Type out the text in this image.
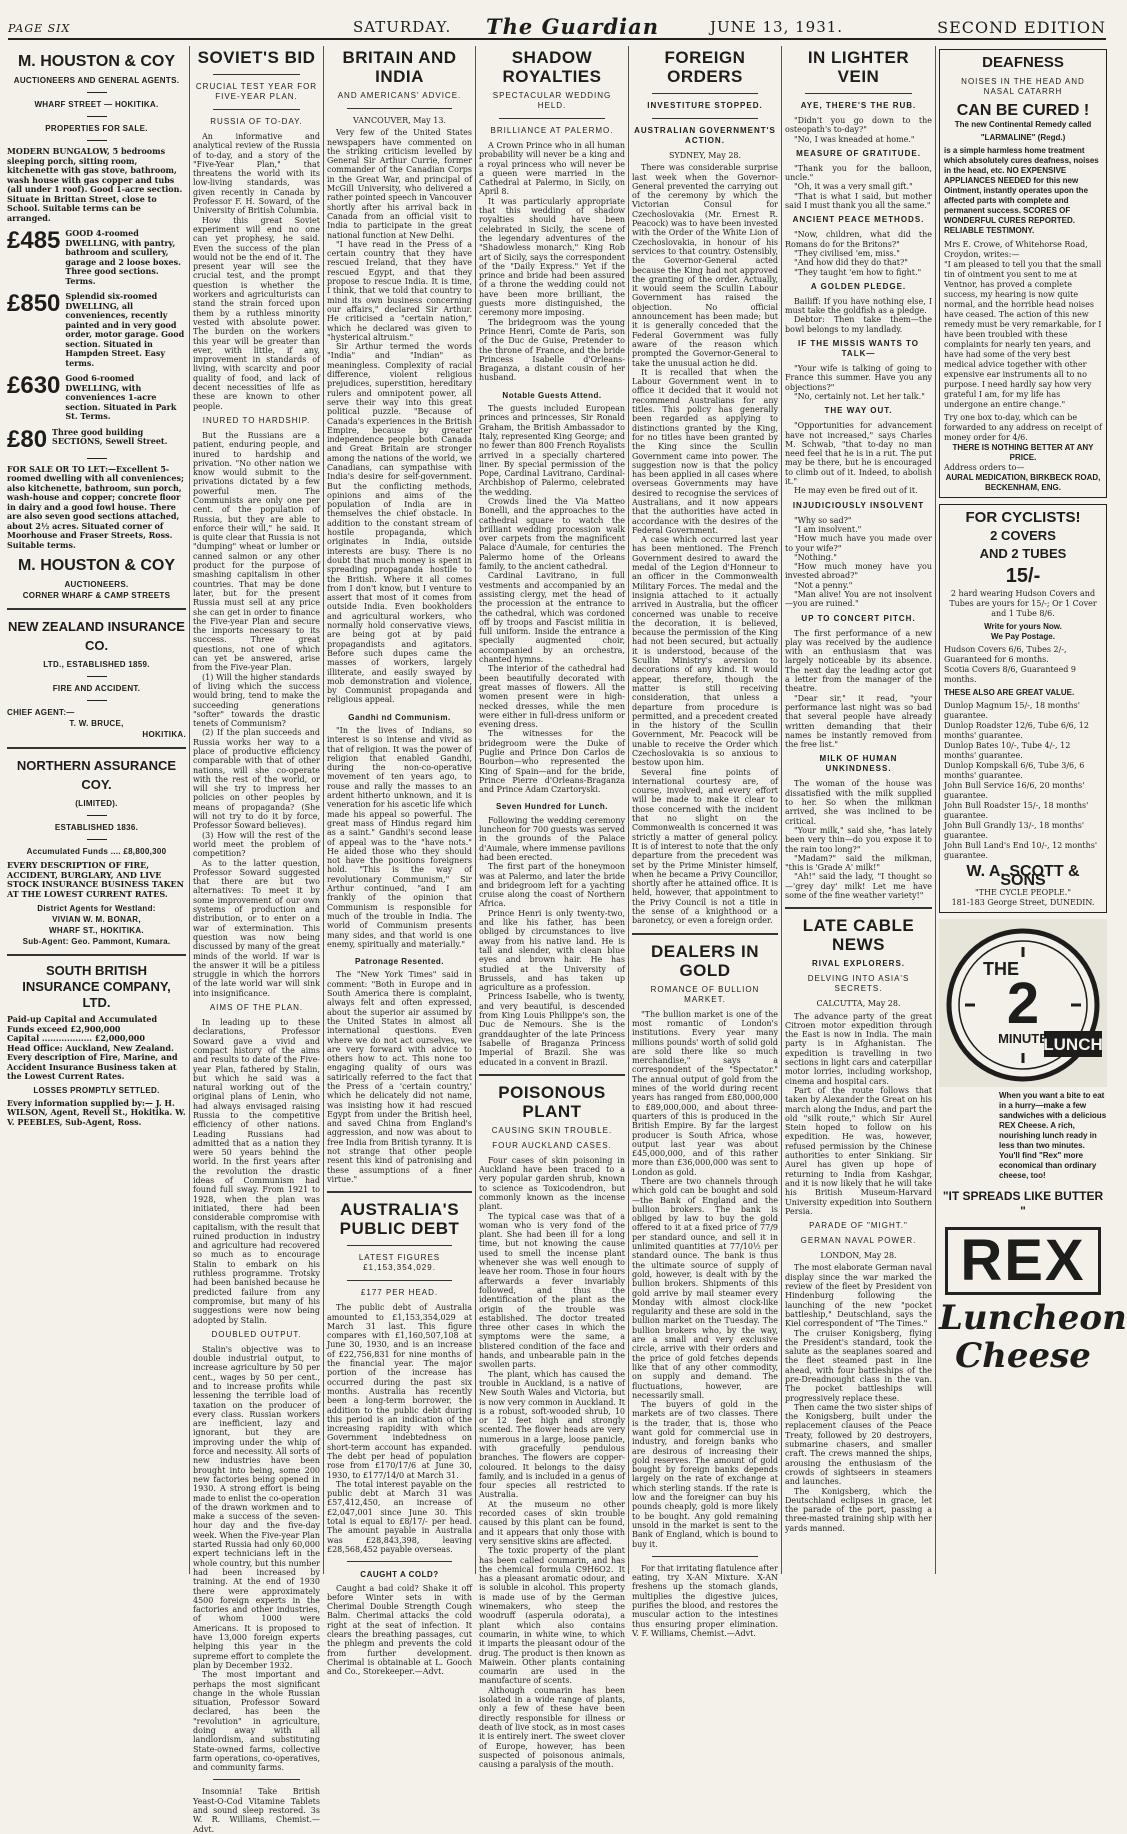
PAGE SIX	SATURDAY. The Guardian	JUNE 13, 1931.	SECOND EDITION
M. HOUSTON & COY
AUCTIONEERS AND GENERAL AGENTS.
WHARF STREET — HOKITIKA.
PROPERTIES FOR SALE.
MODERN BUNGALOW, 5 bedrooms sleeping porch, sitting room, kitchenette with gas stove, bathroom, wash house with gas copper and tubs (all under 1 roof). Good 1-acre section. Situate in Brittan Street, close to School. Suitable terms can be arranged.
£485 GOOD 4-roomed DWELLING, with pantry, bathroom and scullery, garage and 2 loose boxes. Three good sections. Terms.
£850 Splendid six-roomed DWELLING, all conveniences, recently painted and in very good order, motor garage. Good section. Situated in Hampden Street. Easy terms.
£630 Good 6-roomed DWELLING, with conveniences 1-acre section. Situated in Park St. Terms.
£80 Three good building SECTIONS, Sewell Street.
FOR SALE OR TO LET:—Excellent 5-roomed dwelling with all conveniences; also kitchenette, bathroom, sun porch, wash-house and copper; concrete floor in dairy and a good fowl house. There are also seven good sections attached, about 2½ acres. Situated corner of Moorhouse and Fraser Streets, Ross. Suitable terms.
M. HOUSTON & COY
AUCTIONEERS.
CORNER WHARF & CAMP STREETS
NEW ZEALAND INSURANCE CO.
LTD., ESTABLISHED 1859.
FIRE AND ACCIDENT.
CHIEF AGENT:—
T. W. BRUCE,
HOKITIKA.
NORTHERN ASSURANCE COY.
(LIMITED).
ESTABLISHED 1836.
Accumulated Funds .... £8,800,300
EVERY DESCRIPTION OF FIRE, ACCIDENT, BURGLARY, AND LIVE STOCK INSURANCE BUSINESS TAKEN AT THE LOWEST CURRENT RATES.
District Agents for Westland:
VIVIAN W. M. BONAR,
WHARF ST., HOKITIKA.
Sub-Agent: Geo. Pammont, Kumara.
SOUTH BRITISH INSURANCE COMPANY, LTD.
Paid-up Capital and Accumulated Funds exceed £2,900,000
Capital .................. £2,000,000
Head Office: Auckland, New Zealand. Every description of Fire, Marine, and Accident Insurance Business taken at the Lowest Current Rates.
LOSSES PROMPTLY SETTLED.
Every information supplied by:— J. H. WILSON, Agent, Revell St., Hokitika. W. V. PEEBLES, Sub-Agent, Ross.
SOVIET'S BID
CRUCIAL TEST YEAR FOR FIVE-YEAR PLAN.
RUSSIA OF TO-DAY.

An informative and analytical review of the Russia of to-day, and a story of the "Five-Year Plan," that threatens the world with its low-living standards, was given recently in Canada by Professor F. H. Soward, of the University of British Columbia.

How this great Soviet experiment will end no one can yet prophesy, he said. Even the success of the plan would not be the end of it. The present year will see the crucial test, and the prompt question is whether the workers and agriculturists can stand the strain forced upon them by a ruthless minority vested with absolute power. The burden on the workers this year will be greater than ever, with little, if any, improvement in standards of living, with scarcity and poor quality of food, and lack of decent necessities of life as these are known to other people.

INURED TO HARDSHIP.

But the Russians are a patient, enduring people, and inured to hardship and privation. "No other nation we know would submit to the privations dictated by a few powerful men. The Communists are only one per cent. of the population of Russia, but they are able to enforce their will," he said. It is quite clear that Russia is not "dumping" wheat or lumber or canned salmon or any other product for the purpose of smashing capitalism in other countries. That may be done later, but for the present Russia must sell at any price she can get in order to finance the Five-year Plan and secure the imports necessary to its success. Three great questions, not one of which can yet be answered, arise from the Five-year Plan.

(1) Will the higher standards of living which the success would bring, tend to make the succeeding generations "softer" towards the drastic tenets of Communism?

(2) If the plan succeeds and Russia works her way to a place of productive efficiency comparable with that of other nations, will she co-operate with the rest of the world, or will she try to impress her policies on other peoples by means of propaganda? (She will not try to do it by force, Professor Soward believes).

(3) How will the rest of the world meet the problem of competition?

As to the latter question, Professor Soward suggested that there are but two alternatives: To meet it by some improvement of our own systems of production and distribution, or to enter on a war of extermination. This question was now being discussed by many of the great minds of the world. If war is the answer it will be a pitiless struggle in which the horrors of the late world war will sink into insignificance.

AIMS OF THE PLAN.

In leading up to these declarations, Professor Soward gave a vivid and compact history of the aims and results to date of the Five-year Plan, fathered by Stalin, but which he said was a natural working out of the original plans of Lenin, who had always envisaged raising Russia to the competitive efficiency of other nations. Leading Russians had admitted that as a nation they were 50 years behind the world. In the first years after the revolution the drastic ideas of Communism had found full sway. From 1921 to 1928, when the plan was initiated, there had been considerable compromise with capitalism, with the result that ruined production in industry and agriculture had recovered so much as to encourage Stalin to embark on his ruthless programme. Trotsky had been banished because he predicted failure from any compromise, but many of his suggestions were now being adopted by Stalin.

DOUBLED OUTPUT.

Stalin's objective was to double industrial output, to increase agriculture by 50 per cent., wages by 50 per cent., and to increase profits while lessening the terrible load of taxation on the producer of every class. Russian workers are inefficient, lazy and ignorant, but they are improving under the whip of force and necessity. All sorts of new industries have been brought into being, some 200 new factories being opened in 1930. A strong effort is being made to enlist the co-operation of the drawn workmen and to make a success of the seven-hour day and the five-day week. When the Five-year Plan started Russia had only 60,000 expert technicians left in the whole country, but this number had been increased by training. At the end of 1930 there were approximately 4500 foreign experts in the factories and other industries, of whom 1000 were Americans. It is proposed to have 13,000 foreign experts helping this year in the supreme effort to complete the plan by December 1932.

The most important and perhaps the most significant change in the whole Russian situation, Professor Soward declared, has been the "revolution" in agriculture, doing away with all landlordism, and substituting State-owned farms, collective farm operations, co-operatives, and community farms.

Insomnia! Take British Yeast-O-Cod Vitamine Tablets and sound sleep restored. 3s W. R. Williams, Chemist.—Advt.

BRITAIN AND INDIA
AND AMERICANS' ADVICE.
VANCOUVER, May 13.

Very few of the United States newspapers have commented on the striking criticism levelled by General Sir Arthur Currie, former commander of the Canadian Corps in the Great War, and principal of McGill University, who delivered a rather pointed speech in Vancouver shortly after his arrival back in Canada from an official visit to India to participate in the great national function at New Delhi.

"I have read in the Press of a certain country that they have rescued Ireland, that they have rescued Egypt, and that they propose to rescue India. It is time, I think, that we told that country to mind its own business concerning our affairs," declared Sir Arthur. He criticised a "certain nation," which he declared was given to "hysterical altruism."

Sir Arthur termed the words "India" and "Indian" as meaningless. Complexity of racial difference, violent religious prejudices, superstition, hereditary rulers and omnipotent power, all serve their way into this great political puzzle. "Because of Canada's experiences in the British Empire, because by greater independence people both Canada and Great Britain are stronger among the nations of the world, we Canadians, can sympathise with India's desire for self-government. But the conflicting methods, opinions and aims of the population of India are in themselves the chief obstacle. In addition to the constant stream of hostile propaganda, which originates in India, outside interests are busy. There is no doubt that much money is spent in spreading propaganda hostile to the British. Where it all comes from I don't know, but I venture to assert that most of it comes from outside India. Even bookholders and agricultural workers, who normally hold conservative views, are being got at by paid propagandists and agitators. Before such dupes came the masses of workers, largely illiterate, and easily swayed by mob demonstration and violence, by Communist propaganda and religious appeal.

Gandhi nd Communism.

"In the lives of Indians, so interest is so intense and vivid as that of religion. It was the power of religion that enabled Gandhi, during the non-co-operative movement of ten years ago, to rouse and rally the masses to an ardent hitherto unknown, and it is veneration for his ascetic life which made his appeal so powerful. The great mass of Hindus regard him as a saint." Gandhi's second lease of appeal was to the "have nots." He aided those who they should not have the positions foreigners hold. "This is the way of revolutionary Communism," Sir Arthur continued, "and I am frankly of the opinion that Communism is responsible for much of the trouble in India. The world of Communism presents many sides, and that world is one enemy, spiritually and materially."

Patronage Resented.

The "New York Times" said in comment: "Both in Europe and in South America there is complaint, always felt and often expressed, about the superior air assumed by the United States in almost all international questions. Even where we do not act ourselves, we are very forward with advice to others how to act. This none too engaging quality of ours was satirically referred to the fact that the Press of a 'certain country,' which he delicately did not name, was insisting how it had rescued Egypt from under the British heel, and saved China from England's aggression, and now was about to free India from British tyranny. It is not strange that other people resent this kind of patronising and these assumptions of a finer virtue."

AUSTRALIA'S PUBLIC DEBT
LATEST FIGURES £1,153,354,029.
£177 PER HEAD.

The public debt of Australia amounted to £1,153,354,029 at March 31 last. This figure compares with £1,160,507,108 at June 30, 1930, and is an increase of £22,756,831 for nine months of the financial year. The major portion of the increase has occurred during the past six months. Australia has recently been a long-term borrower, the addition to the public debt during this period is an indication of the increasing rapidity with which Government indebtedness on short-term account has expanded. The debt per head of population rose from £170/17/6 at June 30, 1930, to £177/14/0 at March 31.

The total interest payable on the public debt at March 31 was £57,412,450, an increase of £2,047,001 since June 30. This total is equal to £8/17/- per head. The amount payable in Australia was £28,843,398, leaving £28,568,452 payable overseas.

CAUGHT A COLD?

Caught a bad cold? Shake it off before Winter sets in with Cherimal Double Strength Cough Balm. Cherimal attacks the cold right at the seat of infection. It clears the breathing passages, cut the phlegm and prevents the cold from further development. Cherimal is obtainable at L. Gooch and Co., Storekeeper.—Advt.

SHADOW ROYALTIES
SPECTACULAR WEDDING HELD.
BRILLIANCE AT PALERMO.

A Crown Prince who in all human probability will never be a king and a royal princess who will never be a queen were married in the Cathedral at Palermo, in Sicily, on April 8.

It was particularly appropriate that this wedding of shadow royalties should have been celebrated in Sicily, the scene of the legendary adventures of the "Shadowless monarch," King Rob art of Sicily, says the correspondent of the "Daily Express." Yet if the prince and bride had been assured of a throne the wedding could not have been more brilliant, the guests more distinguished, the ceremony more imposing.

The bridegroom was the young Prince Henri, Comte de Paris, son of the Duc de Guise, Pretender to the throne of France, and the bride Princess Isabelle d'Orleans-Braganza, a distant cousin of her husband.

Notable Guests Attend.

The guests included European princes and princesses, Sir Ronald Graham, the British Ambassador to Italy, represented King George; and no fewer than 800 French Royalists arrived in a specially chartered liner. By special permission of the Pope, Cardinal Lavitrano, Cardinal-Archbishop of Palermo, celebrated the wedding.

Crowds lined the Via Matteo Bonelli, and the approaches to the cathedral square to watch the brilliant wedding procession walk over carpets from the magnificent Palace d'Aumale, for centuries the Palermo home of the Orleans family, to the ancient cathedral.

Cardinal Lavitrano, in full vestments and accompanied by an assisting clergy, met the head of the procession at the entrance to the cathedral, which was cordoned off by troops and Fascist militia in full uniform. Inside the entrance a specially augmented choir, accompanied by an orchestra, chanted hymns.

The interior of the cathedral had been beautifully decorated with great masses of flowers. All the women present were in high-necked dresses, while the men were either in full-dress uniform or evening dress.

The witnesses for the bridegroom were the Duke of Puglie and Prince Don Carlos de Bourbon—who represented the King of Spain—and for the bride, Prince Pierre d'Orleans-Braganza and Prince Adam Czartoryski.

Seven Hundred for Lunch.

Following the wedding ceremony luncheon for 700 guests was served in the grounds of the Palace d'Aumale, where immense pavilions had been erected.

The first part of the honeymoon was at Palermo, and later the bride and bridegroom left for a yachting cruise along the coast of Northern Africa.

Prince Henri is only twenty-two, and like his father, has been obliged by circumstances to live away from his native land. He is tall and slender, with clean blue eyes and brown hair. He has studied at the University of Brussels, and has taken up agriculture as a profession.

Princess Isabelle, who is twenty, and very beautiful, is descended from King Louis Philippe's son, the Duc de Nemours. She is the granddaughter of the late Princess Isabelle of Braganza Princess Imperial of Brazil. She was educated in a convent in Brazil.

POISONOUS PLANT
CAUSING SKIN TROUBLE.
FOUR AUCKLAND CASES.

Four cases of skin poisoning in Auckland have been traced to a very popular garden shrub, known to science as Toxicodendron, but commonly known as the incense plant.

The typical case was that of a woman who is very fond of the plant. She had been ill for a long time, but not knowing the cause used to smell the incense plant whenever she was well enough to leave her room. Those in four hours afterwards a fever invariably followed, and thus the identification of the plant as the origin of the trouble was established. The doctor treated three other cases in which the symptoms were the same, a blistered condition of the face and hands, and unbearable pain in the swollen parts.

The plant, which has caused the trouble in Auckland, is a native of New South Wales and Victoria, but is now very common in Auckland. It is a robust, soft-wooded shrub, 10 or 12 feet high and strongly scented. The flower heads are very numerous in a large, loose panicle, with gracefully pendulous branches. The flowers are copper-coloured. It belongs to the daisy family, and is included in a genus of four species all restricted to Australia.

At the museum no other recorded cases of skin trouble caused by this plant can be found, and it appears that only those with very sensitive skins are affected.

The toxic property of the plant has been called coumarin, and has the chemical formula C9H6O2. It has a pleasant aromatic odour, and is soluble in alcohol. This property is made use of by the German winemakers, who steep the woodruff (asperula odorata), a plant which also contains coumarin, in white wine, to which it imparts the pleasant odour of the drug. The product is then known as Maiwein. Other plants containing coumarin are used in the manufacture of scents.

Although coumarin has been isolated in a wide range of plants, only a few of these have been directly responsible for illness or death of live stock, as in most cases it is entirely inert. The sweet clover of Europe, however, has been suspected of poisonous animals, causing a paralysis of the mouth.

FOREIGN ORDERS
INVESTITURE STOPPED.
AUSTRALIAN GOVERNMENT'S ACTION.
SYDNEY, May 28.

There was considerable surprise last week when the Governor-General prevented the carrying out of the ceremony by which the Victorian Consul for Czechoslovakia (Mr. Ernest R. Peacock) was to have been invested with the Order of the White Lion of Czechoslovakia, in honour of his services to that country. Ostensibly, the Governor-General acted because the King had not approved the granting of the order. Actually, it would seem the Scullin Labour Government has raised the objection. No official announcement has been made; but it is generally conceded that the Federal Government was fully aware of the reason which prompted the Governor-General to take the unusual action he did.

It is recalled that when the Labour Government went in to office it decided that it would not recommend Australians for any titles. This policy has generally been regarded as applying to distinctions granted by the King, for no titles have been granted by the King since the Scullin Government came into power. The suggestion now is that the policy has been applied in all cases where overseas Governments may have desired to recognise the services of Australians, and it now appears that the authorities have acted in accordance with the desires of the Federal Government.

A case which occurred last year has been mentioned. The French Government desired to award the medal of the Legion d'Honneur to an officer in the Commonwealth Military Forces. The medal and the insignia attached to it actually arrived in Australia, but the officer concerned was unable to receive the decoration, it is believed, because the permission of the King had not been secured, but actually it is understood, because of the Scullin Ministry's aversion to decorations of any kind. It would appear, therefore, though the matter is still receiving consideration, that unless a departure from procedure is permitted, and a precedent created in the history of the Scullin Government, Mr. Peacock will be unable to receive the Order which Czechoslovakia is so anxious to bestow upon him.

Several fine points of international courtesy are, of course, involved, and every effort will be made to make it clear to those concerned with the incident that no slight on the Commonwealth is concerned it was strictly a matter of general policy. It is of interest to note that the only departure from the precedent was set by the Prime Minister himself, when he became a Privy Councillor, shortly after he attained office. It is held, however, that appointment to the Privy Council is not a title in the sense of a knighthood or a baronetcy, or even a foreign order.

DEALERS IN GOLD
ROMANCE OF BULLION MARKET.

"The bullion market is one of the most romantic of London's institutions. Every year many millions pounds' worth of solid gold are sold there like so much merchandise," says a correspondent of the "Spectator." The annual output of gold from the mines of the world during recent years has ranged from £80,000,000 to £89,000,000, and about three-quarters of this is produced in the British Empire. By far the largest producer is South Africa, whose output last year was about £45,000,000, and of this rather more than £36,000,000 was sent to London as gold.

There are two channels through which gold can be bought and sold—the Bank of England and the bullion brokers. The bank is obliged by law to buy the gold offered to it at a fixed price of 77/9 per standard ounce, and sell it in unlimited quantities at 77/10½ per standard ounce. The bank is thus the ultimate source of supply of gold, however, is dealt with by the bullion brokers. Shipments of this gold arrive by mail steamer every Monday with almost clock-like regularity and these are sold in the bullion market on the Tuesday. The bullion brokers who, by the way, are a small and very exclusive circle, arrive with their orders and the price of gold fetches depends like that of any other commodity, on supply and demand. The fluctuations, however, are necessarily small.

The buyers of gold in the markets are of two classes. There is the trader, that is, those who want gold for commercial use in industry, and foreign banks who are desirous of increasing their gold reserves. The amount of gold bought by foreign banks depends largely on the rate of exchange at which sterling stands. If the rate is low and the foreigner can buy his pounds cheaply, gold is more likely to be bought. Any gold remaining unsold in the market is sent to the Bank of England, which is bound to buy it.

For that irritating flatulence after eating, try X-AN Mixture. X-AN freshens up the stomach glands, multiplies the digestive juices, purifies the blood, and restores the muscular action to the intestines thus ensuring proper elimination. V. F. Williams, Chemist.—Advt.

IN LIGHTER VEIN
AYE, THERE'S THE RUB.

"Didn't you go down to the osteopath's to-day?"

"No, I was kneaded at home."

MEASURE OF GRATITUDE.

"Thank you for the balloon, uncle."

"Oh, it was a very small gift."

"That is what I said, but mother said I must thank you all the same."

ANCIENT PEACE METHODS.

"Now, children, what did the Romans do for the Britons?"

"They civilised 'em, miss."

"And how did they do that?"

"They taught 'em how to fight."

A GOLDEN PLEDGE.

Bailiff: If you have nothing else, I must take the goldfish as a pledge.

Debtor: Then take them—the bowl belongs to my landlady.

IF THE MISSIS WANTS TO TALK—

"Your wife is talking of going to France this summer. Have you any objections?"

"No, certainly not. Let her talk."

THE WAY OUT.

"Opportunities for advancement have not increased," says Charles M. Schwab, "that to-day no man need feel that he is in a rut. The put may be there, but he is encouraged to climb out of it. Indeed, to abolish it."

He may even be fired out of it.

INJUDICIOUSLY INSOLVENT

"Why so sad?"

"I am insolvent."

"How much have you made over to your wife?"

"Nothing."

"How much money have you invested abroad?"

"Not a penny."

"Man alive! You are not insolvent —you are ruined."

UP TO CONCERT PITCH.

The first performance of a new play was received by the audience with an enthusiasm that was largely noticeable by its absence. The next day the leading actor got a letter from the manager of the theatre.

"Dear sir," it read, "your performance last night was so bad that several people have already written demanding that their names be instantly removed from the free list."

MILK OF HUMAN UNKINDNESS.

The woman of the house was dissatisfied with the milk supplied to her. So when the milkman arrived, she was inclined to be critical.

"Your milk," said she, "has lately been very thin—do you expose it to the rain too long?"

"Madam?" said the milkman, "this is 'Grade A' milk!"

"Ah!" said the lady, "I thought so—'grey day' milk! Let me have some of the fine weather variety!"

LATE CABLE NEWS
RIVAL EXPLORERS.
DELVING INTO ASIA'S SECRETS.
CALCUTTA, May 28.

The advance party of the great Citroen motor expedition through the East is now in India. The main party is in Afghanistan. The expedition is travelling in two sections in light cars and caterpillar motor lorries, including workshop, cinema and hospital cars.

Part of the route follows that taken by Alexander the Great on his march along the Indus, and part the old "silk route," which Sir Aurel Stein hoped to follow on his expedition. He was, however, refused permission by the Chinese authorities to enter Sinkiang. Sir Aurel has given up hope of returning to India from Kashgar, and it is now likely that he will take his British Museum-Harvard University expedition into Southern Persia.

PARADE OF "MIGHT."
GERMAN NAVAL POWER.
LONDON, May 28.

The most elaborate German naval display since the war marked the review of the fleet by President von Hindenburg following the launching of the new "pocket battleship," Deutschland, says the Kiel correspondent of "The Times."

The cruiser Konigsberg, flying the President's standard, took the salute as the seaplanes soared and the fleet steamed past in line ahead, with four battleships of the pre-Dreadnought class in the van. The pocket battleships will progressively replace these.

Then came the two sister ships of the Konigsberg, built under the replacement clauses of the Peace Treaty, followed by 20 destroyers, submarine chasers, and smaller craft. The crews manned the ships, arousing the enthusiasm of the crowds of sightseers in steamers and launches.

The Konigsberg, which the Deutschland eclipses in grace, let the parade of the port, passing a three-masted training ship with her yards manned.

DEAFNESS
NOISES IN THE HEAD AND NASAL CATARRH
CAN BE CURED !
The new Continental Remedy called
"LARMALINE" (Regd.)
is a simple harmless home treatment which absolutely cures deafness, noises in the head, etc. NO EXPENSIVE APPLIANCES NEEDED for this new Ointment, instantly operates upon the affected parts with complete and permanent success. SCORES OF WONDERFUL CURES REPORTED. RELIABLE TESTIMONY.
Mrs E. Crowe, of Whitehorse Road, Croydon, writes:—
"I am pleased to tell you that the small tin of ointment you sent to me at Ventnor, has proved a complete success, my hearing is now quite normal, and the horrible head noises have ceased. The action of this new remedy must be very remarkable, for I have been troubled with these complaints for nearly ten years, and have had some of the very best medical advice together with other expensive ear instruments all to no purpose. I need hardly say how very grateful I am, for my life has undergone an entire change."
Try one box to-day, which can be forwarded to any address on receipt of money order for 4/6.
THERE IS NOTHING BETTER AT ANY PRICE.
Address orders to—
AURAL MEDICATION, BIRKBECK ROAD, BECKENHAM, ENG.
FOR CYCLISTS!
2 COVERS
AND 2 TUBES
15/-
2 hard wearing Hudson Covers and Tubes are yours for 15/-; Or 1 Cover and 1 Tube 8/6.
Write for yours Now.
We Pay Postage.
Hudson Covers 6/6, Tubes 2/-, Guaranteed for 6 months.
Scotia Covers 8/6, Guaranteed 9 months.
THESE ALSO ARE GREAT VALUE.
Dunlop Magnum 15/-, 18 months' guarantee.
Dunlop Roadster 12/6, Tube 6/6, 12 months' guarantee.
Dunlop Bates 10/-, Tube 4/-, 12 months' guarantee.
Dunlop Kompskall 6/6, Tube 3/6, 6 months' guarantee.
John Bull Service 16/6, 20 months' guarantee.
John Bull Roadster 15/-, 18 months' guarantee.
John Bull Grandly 13/-, 18 months' guarantee.
John Bull Land's End 10/-, 12 months' guarantee.
W. A. SCOTT & SONS
"THE CYCLE PEOPLE."
181-183 George Street, DUNEDIN.
THE
2
MINUTE
LUNCH
When you want a bite to eat in a hurry—make a few sandwiches with a delicious REX Cheese. A rich, nourishing lunch ready in less than two minutes. You'll find "Rex" more economical than ordinary cheese, too!
"IT SPREADS LIKE BUTTER "
REX
Luncheon
Cheese
